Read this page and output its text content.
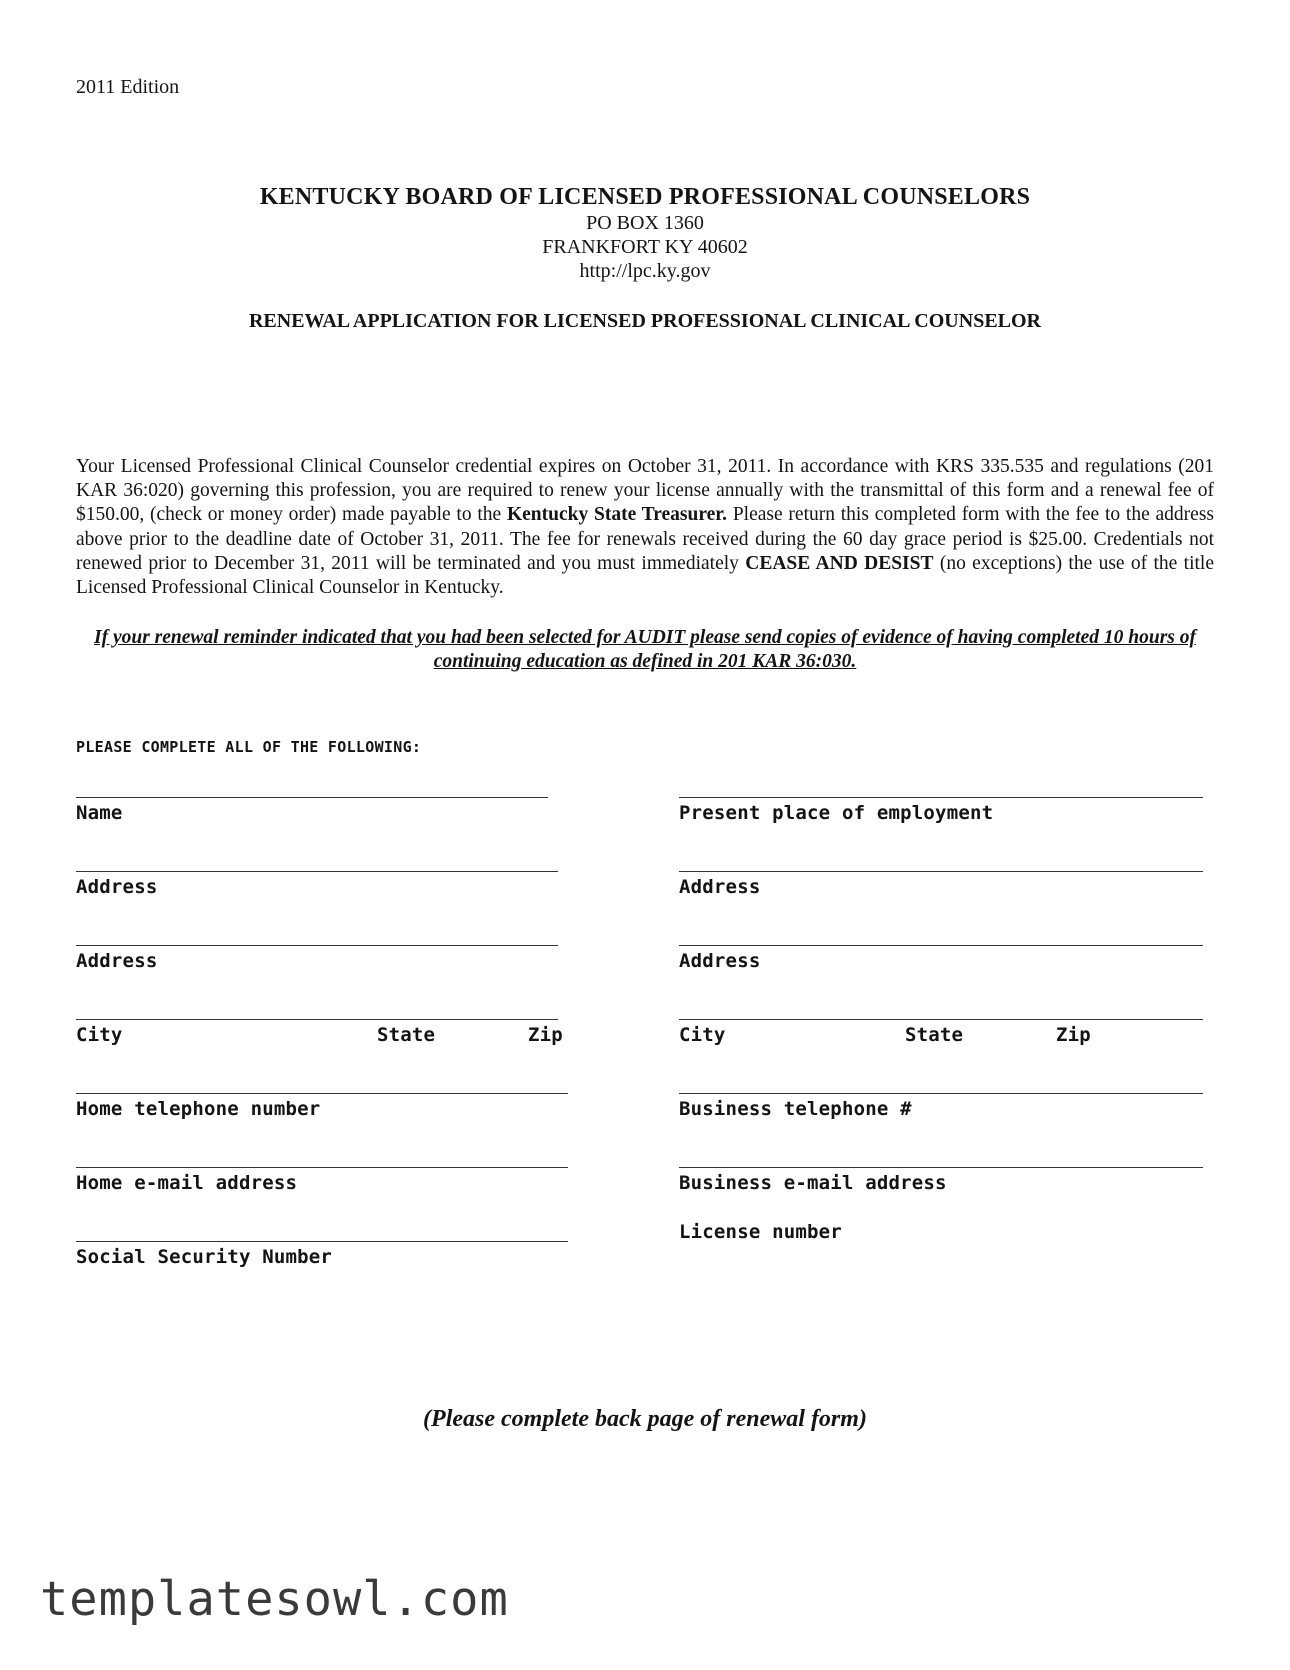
2011 Edition
KENTUCKY BOARD OF LICENSED PROFESSIONAL COUNSELORS
PO BOX 1360
FRANKFORT KY 40602
http://lpc.ky.gov
RENEWAL APPLICATION FOR LICENSED PROFESSIONAL CLINICAL COUNSELOR
Your Licensed Professional Clinical Counselor credential expires on October 31, 2011. In accordance with KRS 335.535 and regulations (201 KAR 36:020) governing this profession, you are required to renew your license annually with the transmittal of this form and a renewal fee of $150.00, (check or money order) made payable to the Kentucky State Treasurer. Please return this completed form with the fee to the address above prior to the deadline date of October 31, 2011. The fee for renewals received during the 60 day grace period is $25.00. Credentials not renewed prior to December 31, 2011 will be terminated and you must immediately CEASE AND DESIST (no exceptions) the use of the title Licensed Professional Clinical Counselor in Kentucky.
If your renewal reminder indicated that you had been selected for AUDIT please send copies of evidence of having completed 10 hours of continuing education as defined in 201 KAR 36:030.
PLEASE COMPLETE ALL OF THE FOLLOWING:
Name
Address
Address
City	State	Zip
Home telephone number
Home e-mail address
Social Security Number
Present place of employment
Address
Address
City	State	Zip
Business telephone #
Business e-mail address
License number
(Please complete back page of renewal form)
templatesowl.com
